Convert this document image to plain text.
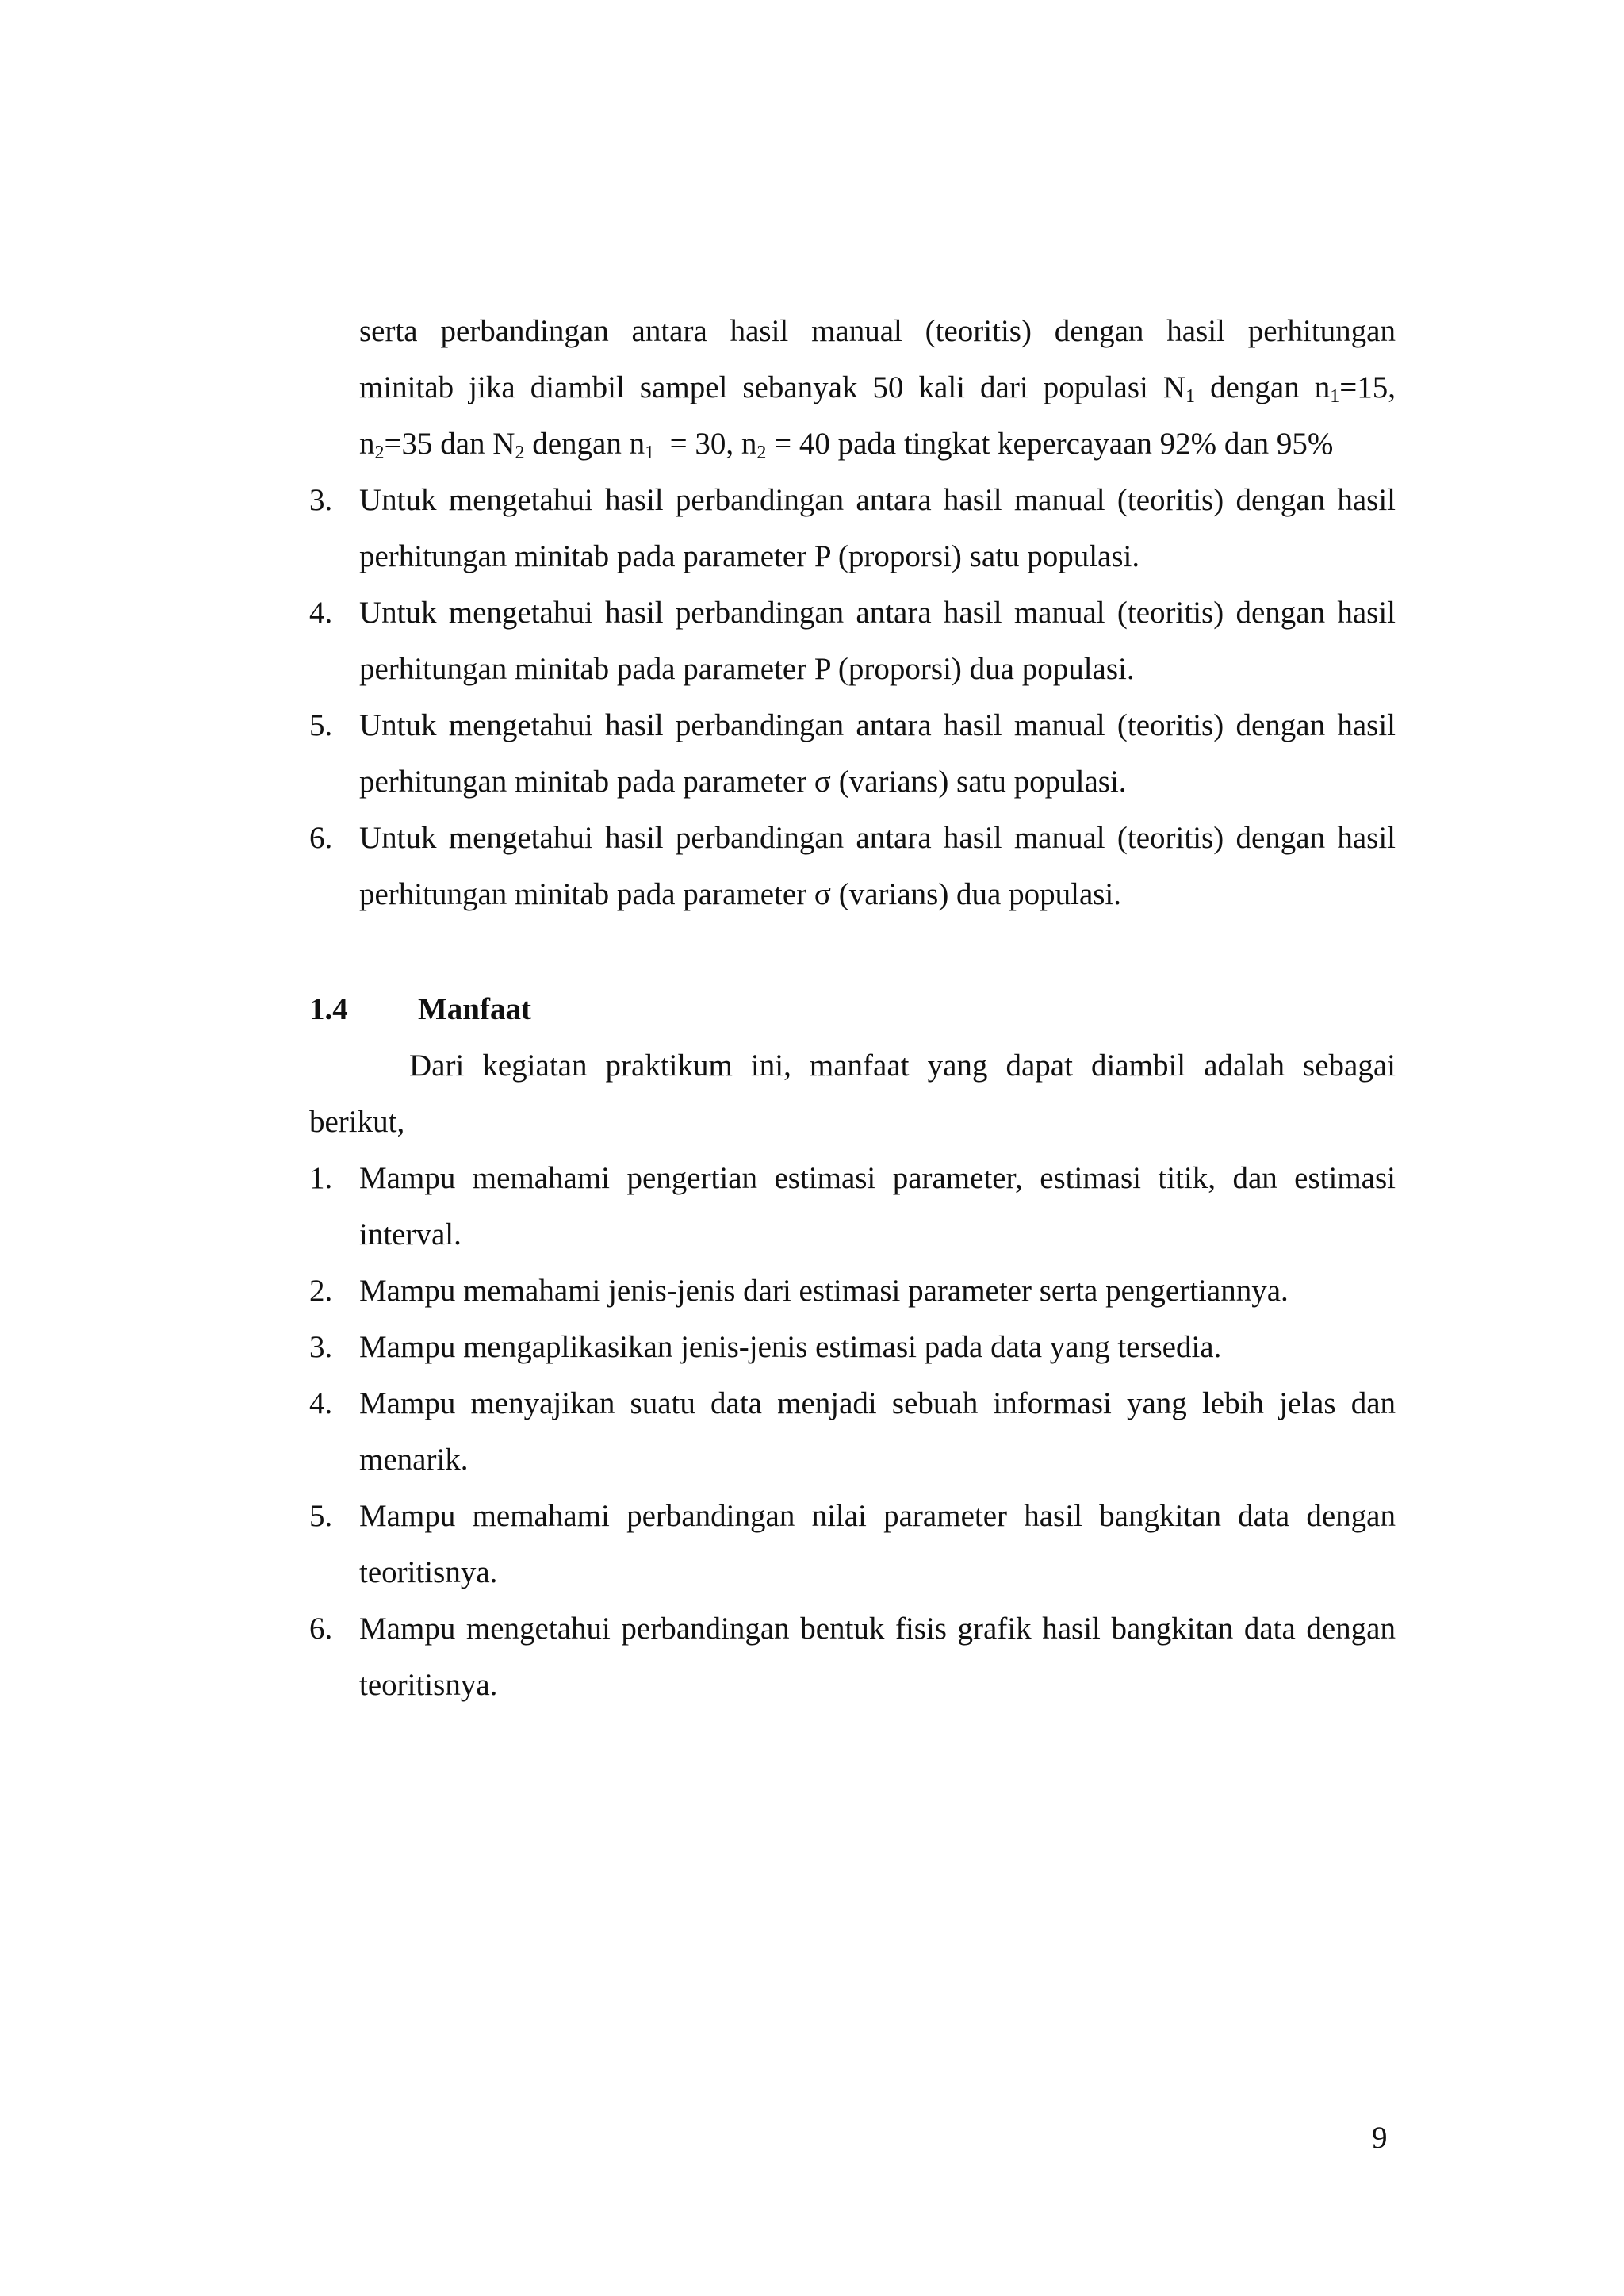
serta perbandingan antara hasil manual (teoritis) dengan hasil perhitungan
minitab jika diambil sampel sebanyak 50 kali dari populasi $N_1$ dengan $n_1=15$,
$n_2=35$ dan $N_2$ dengan $n_1 = 30$, $n_2 = 40$ pada tingkat kepercayaan 92% dan 95%
3. Untuk mengetahui hasil perbandingan antara hasil manual (teoritis) dengan hasil perhitungan minitab pada parameter P (proporsi) satu populasi.
4. Untuk mengetahui hasil perbandingan antara hasil manual (teoritis) dengan hasil perhitungan minitab pada parameter P (proporsi) dua populasi.
5. Untuk mengetahui hasil perbandingan antara hasil manual (teoritis) dengan hasil perhitungan minitab pada parameter σ (varians) satu populasi.
6. Untuk mengetahui hasil perbandingan antara hasil manual (teoritis) dengan hasil perhitungan minitab pada parameter σ (varians) dua populasi.
1.4 Manfaat

Dari kegiatan praktikum ini, manfaat yang dapat diambil adalah sebagai berikut,

1. Mampu memahami pengertian estimasi parameter, estimasi titik, dan estimasi interval.
2. Mampu memahami jenis-jenis dari estimasi parameter serta pengertiannya.
3. Mampu mengaplikasikan jenis-jenis estimasi pada data yang tersedia.
4. Mampu menyajikan suatu data menjadi sebuah informasi yang lebih jelas dan menarik.
5. Mampu memahami perbandingan nilai parameter hasil bangkitan data dengan teoritisnya.
6. Mampu mengetahui perbandingan bentuk fisis grafik hasil bangkitan data dengan teoritisnya.
9
